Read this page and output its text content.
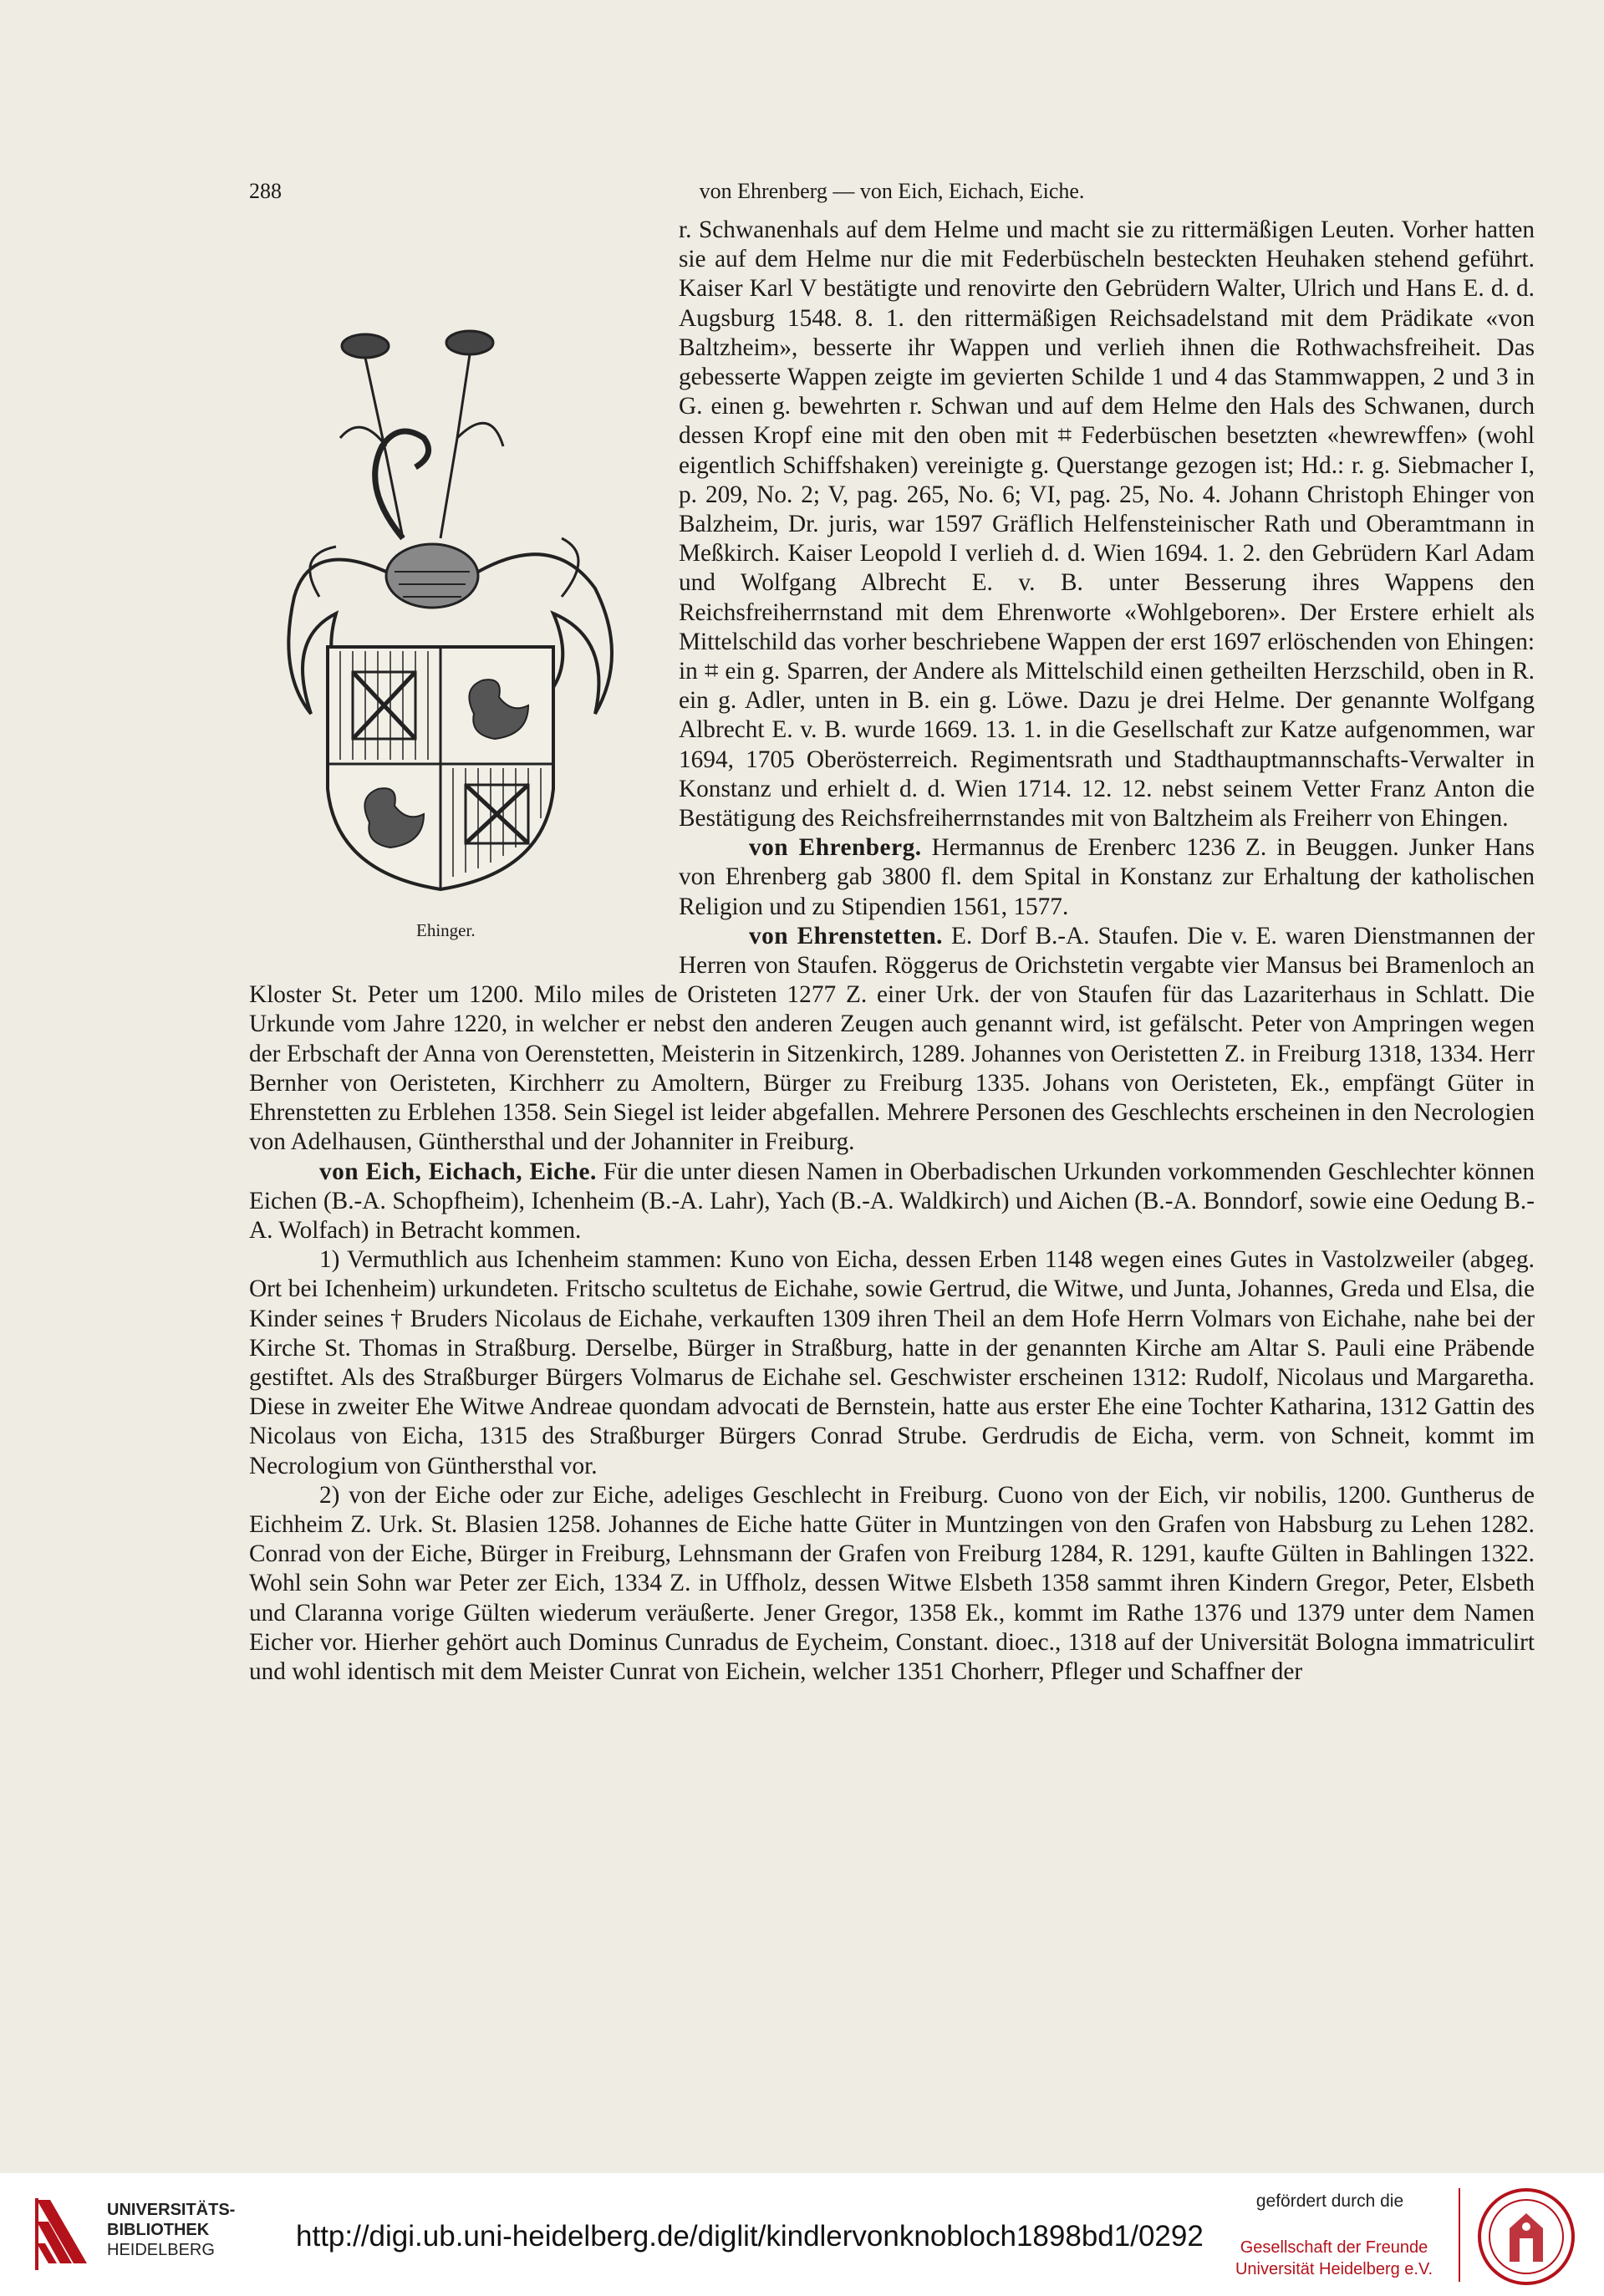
288	von Ehrenberg — von Eich, Eichach, Eiche.
Ehinger.

r. Schwanenhals auf dem Helme und macht sie zu rittermäßigen Leuten. Vorher hatten sie auf dem Helme nur die mit Federbüscheln besteckten Heuhaken stehend geführt. Kaiser Karl V bestätigte und renovirte den Gebrüdern Walter, Ulrich und Hans E. d. d. Augsburg 1548. 8. 1. den rittermäßigen Reichsadelstand mit dem Prädikate «von Baltzheim», besserte ihr Wappen und verlieh ihnen die Rothwachsfreiheit. Das gebesserte Wappen zeigte im gevierten Schilde 1 und 4 das Stammwappen, 2 und 3 in G. einen g. bewehrten r. Schwan und auf dem Helme den Hals des Schwanen, durch dessen Kropf eine mit den oben mit ⌗ Federbüschen besetzten «hewrewffen» (wohl eigentlich Schiffshaken) vereinigte g. Querstange gezogen ist; Hd.: r. g. Siebmacher I, p. 209, No. 2; V, pag. 265, No. 6; VI, pag. 25, No. 4. Johann Christoph Ehinger von Balzheim, Dr. juris, war 1597 Gräflich Helfensteinischer Rath und Oberamtmann in Meßkirch. Kaiser Leopold I verlieh d. d. Wien 1694. 1. 2. den Gebrüdern Karl Adam und Wolfgang Albrecht E. v. B. unter Besserung ihres Wappens den Reichsfreiherrnstand mit dem Ehrenworte «Wohlgeboren». Der Erstere erhielt als Mittelschild das vorher beschriebene Wappen der erst 1697 erlöschenden von Ehingen: in ⌗ ein g. Sparren, der Andere als Mittelschild einen getheilten Herzschild, oben in R. ein g. Adler, unten in B. ein g. Löwe. Dazu je drei Helme. Der genannte Wolfgang Albrecht E. v. B. wurde 1669. 13. 1. in die Gesellschaft zur Katze aufgenommen, war 1694, 1705 Oberösterreich. Regimentsrath und Stadthauptmannschafts-Verwalter in Konstanz und erhielt d. d. Wien 1714. 12. 12. nebst seinem Vetter Franz Anton die Bestätigung des Reichsfreiherrnstandes mit von Baltzheim als Freiherr von Ehingen.

von Ehrenberg. Hermannus de Erenberc 1236 Z. in Beuggen. Junker Hans von Ehrenberg gab 3800 fl. dem Spital in Konstanz zur Erhaltung der katholischen Religion und zu Stipendien 1561, 1577.

von Ehrenstetten. E. Dorf B.-A. Staufen. Die v. E. waren Dienstmannen der Herren von Staufen. Röggerus de Orichstetin vergabte vier Mansus bei Bramenloch an Kloster St. Peter um 1200. Milo miles de Oristeten 1277 Z. einer Urk. der von Staufen für das Lazariterhaus in Schlatt. Die Urkunde vom Jahre 1220, in welcher er nebst den anderen Zeugen auch genannt wird, ist gefälscht. Peter von Ampringen wegen der Erbschaft der Anna von Oerenstetten, Meisterin in Sitzenkirch, 1289. Johannes von Oeristetten Z. in Freiburg 1318, 1334. Herr Bernher von Oeristeten, Kirchherr zu Amoltern, Bürger zu Freiburg 1335. Johans von Oeristeten, Ek., empfängt Güter in Ehrenstetten zu Erblehen 1358. Sein Siegel ist leider abgefallen. Mehrere Personen des Geschlechts erscheinen in den Necrologien von Adelhausen, Günthersthal und der Johanniter in Freiburg.

von Eich, Eichach, Eiche. Für die unter diesen Namen in Oberbadischen Urkunden vorkommenden Geschlechter können Eichen (B.-A. Schopfheim), Ichenheim (B.-A. Lahr), Yach (B.-A. Waldkirch) und Aichen (B.-A. Bonndorf, sowie eine Oedung B.-A. Wolfach) in Betracht kommen.

1) Vermuthlich aus Ichenheim stammen: Kuno von Eicha, dessen Erben 1148 wegen eines Gutes in Vastolzweiler (abgeg. Ort bei Ichenheim) urkundeten. Fritscho scultetus de Eichahe, sowie Gertrud, die Witwe, und Junta, Johannes, Greda und Elsa, die Kinder seines † Bruders Nicolaus de Eichahe, verkauften 1309 ihren Theil an dem Hofe Herrn Volmars von Eichahe, nahe bei der Kirche St. Thomas in Straßburg. Derselbe, Bürger in Straßburg, hatte in der genannten Kirche am Altar S. Pauli eine Präbende gestiftet. Als des Straßburger Bürgers Volmarus de Eichahe sel. Geschwister erscheinen 1312: Rudolf, Nicolaus und Margaretha. Diese in zweiter Ehe Witwe Andreae quondam advocati de Bernstein, hatte aus erster Ehe eine Tochter Katharina, 1312 Gattin des Nicolaus von Eicha, 1315 des Straßburger Bürgers Conrad Strube. Gerdrudis de Eicha, verm. von Schneit, kommt im Necrologium von Günthersthal vor.

2) von der Eiche oder zur Eiche, adeliges Geschlecht in Freiburg. Cuono von der Eich, vir nobilis, 1200. Guntherus de Eichheim Z. Urk. St. Blasien 1258. Johannes de Eiche hatte Güter in Muntzingen von den Grafen von Habsburg zu Lehen 1282. Conrad von der Eiche, Bürger in Freiburg, Lehnsmann der Grafen von Freiburg 1284, R. 1291, kaufte Gülten in Bahlingen 1322. Wohl sein Sohn war Peter zer Eich, 1334 Z. in Uffholz, dessen Witwe Elsbeth 1358 sammt ihren Kindern Gregor, Peter, Elsbeth und Claranna vorige Gülten wiederum veräußerte. Jener Gregor, 1358 Ek., kommt im Rathe 1376 und 1379 unter dem Namen Eicher vor. Hierher gehört auch Dominus Cunradus de Eycheim, Constant. dioec., 1318 auf der Universität Bologna immatriculirt und wohl identisch mit dem Meister Cunrat von Eichein, welcher 1351 Chorherr, Pfleger und Schaffner der

UNIVERSITÄTS-
BIBLIOTHEK
HEIDELBERG	http://digi.ub.uni-heidelberg.de/diglit/kindlervonknobloch1898bd1/0292
gefördert durch die
Gesellschaft der Freunde
Universität Heidelberg e.V.
